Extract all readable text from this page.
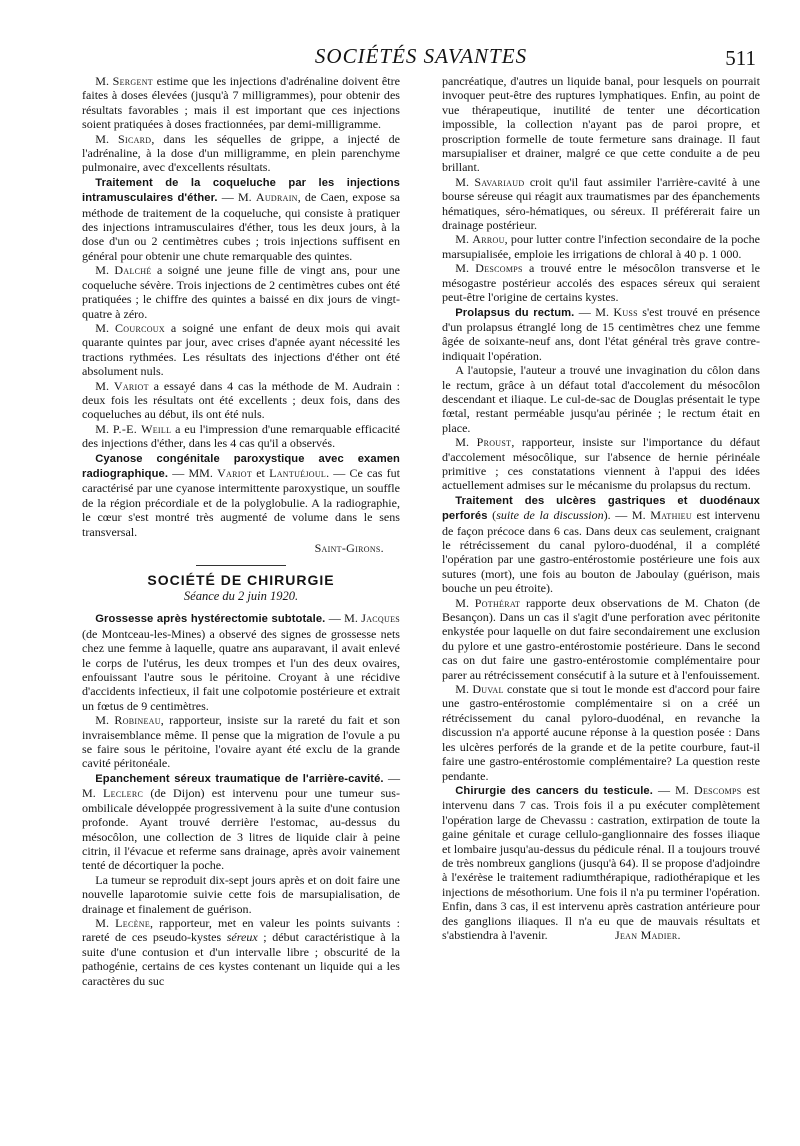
SOCIÉTÉS SAVANTES	511

M. Sergent estime que les injections d'adrénaline doivent être faites à doses élevées (jusqu'à 7 milligrammes), pour obtenir des résultats favorables ; mais il est important que ces injections soient pratiquées à doses fractionnées, par demi-milligramme.

M. Sicard, dans les séquelles de grippe, a injecté de l'adrénaline, à la dose d'un milligramme, en plein parenchyme pulmonaire, avec d'excellents résultats.

Traitement de la coqueluche par les injections intramusculaires d'éther. — M. Audrain, de Caen, expose sa méthode de traitement de la coqueluche, qui consiste à pratiquer des injections intramusculaires d'éther, tous les deux jours, à la dose d'un ou 2 centimètres cubes ; trois injections suffisent en général pour obtenir une chute remarquable des quintes.

M. Dalché a soigné une jeune fille de vingt ans, pour une coqueluche sévère. Trois injections de 2 centimètres cubes ont été pratiquées ; le chiffre des quintes a baissé en dix jours de vingt-quatre à zéro.

M. Courcoux a soigné une enfant de deux mois qui avait quarante quintes par jour, avec crises d'apnée ayant nécessité les tractions rythmées. Les résultats des injections d'éther ont été absolument nuls.

M. Variot a essayé dans 4 cas la méthode de M. Audrain : deux fois les résultats ont été excellents ; deux fois, dans des coqueluches au début, ils ont été nuls.

M. P.-E. Weill a eu l'impression d'une remarquable efficacité des injections d'éther, dans les 4 cas qu'il a observés.

Cyanose congénitale paroxystique avec examen radiographique. — MM. Variot et Lantuéjoul. — Ce cas fut caractérisé par une cyanose intermittente paroxystique, un souffle de la région précordiale et de la polyglobulie. A la radiographie, le cœur s'est montré très augmenté de volume dans le sens transversal.

Saint-Girons.

SOCIÉTÉ DE CHIRURGIE
Séance du 2 juin 1920.

Grossesse après hystérectomie subtotale. — M. Jacques (de Montceau-les-Mines) a observé des signes de grossesse nets chez une femme à laquelle, quatre ans auparavant, il avait enlevé le corps de l'utérus, les deux trompes et l'un des deux ovaires, enfouissant l'autre sous le péritoine. Croyant à une récidive d'accidents infectieux, il fait une colpotomie postérieure et extrait un fœtus de 9 centimètres.

M. Robineau, rapporteur, insiste sur la rareté du fait et son invraisemblance même. Il pense que la migration de l'ovule a pu se faire sous le péritoine, l'ovaire ayant été exclu de la grande cavité péritonéale.

Epanchement séreux traumatique de l'arrière-cavité. — M. Leclerc (de Dijon) est intervenu pour une tumeur sus-ombilicale développée progressivement à la suite d'une contusion profonde. Ayant trouvé derrière l'estomac, au-dessus du mésocôlon, une collection de 3 litres de liquide clair à peine citrin, il l'évacue et referme sans drainage, après avoir vainement tenté de décortiquer la poche.

La tumeur se reproduit dix-sept jours après et on doit faire une nouvelle laparotomie suivie cette fois de marsupialisation, de drainage et finalement de guérison.

M. Lecène, rapporteur, met en valeur les points suivants : rareté de ces pseudo-kystes séreux ; début caractéristique à la suite d'une contusion et d'un intervalle libre ; obscurité de la pathogénie, certains de ces kystes contenant un liquide qui a les caractères du suc

pancréatique, d'autres un liquide banal, pour lesquels on pourrait invoquer peut-être des ruptures lymphatiques. Enfin, au point de vue thérapeutique, inutilité de tenter une décortication impossible, la collection n'ayant pas de paroi propre, et proscription formelle de toute fermeture sans drainage. Il faut marsupialiser et drainer, malgré ce que cette conduite a de peu brillant.

M. Savariaud croit qu'il faut assimiler l'arrière-cavité à une bourse séreuse qui réagit aux traumatismes par des épanchements hématiques, séro-hématiques, ou séreux. Il préférerait faire un drainage postérieur.

M. Arrou, pour lutter contre l'infection secondaire de la poche marsupialisée, emploie les irrigations de chloral à 40 p. 1 000.

M. Descomps a trouvé entre le mésocôlon transverse et le mésogastre postérieur accolés des espaces séreux qui seraient peut-être l'origine de certains kystes.

Prolapsus du rectum. — M. Kuss s'est trouvé en présence d'un prolapsus étranglé long de 15 centimètres chez une femme âgée de soixante-neuf ans, dont l'état général très grave contre-indiquait l'opération.

A l'autopsie, l'auteur a trouvé une invagination du côlon dans le rectum, grâce à un défaut total d'accolement du mésocôlon descendant et iliaque. Le cul-de-sac de Douglas présentait le type fœtal, restant perméable jusqu'au périnée ; le rectum était en place.

M. Proust, rapporteur, insiste sur l'importance du défaut d'accolement mésocôlique, sur l'absence de hernie périnéale primitive ; ces constatations viennent à l'appui des idées actuellement admises sur le mécanisme du prolapsus du rectum.

Traitement des ulcères gastriques et duodénaux perforés (suite de la discussion). — M. Mathieu est intervenu de façon précoce dans 6 cas. Dans deux cas seulement, craignant le rétrécissement du canal pyloro-duodénal, il a complété l'opération par une gastro-entérostomie postérieure une fois aux sutures (mort), une fois au bouton de Jaboulay (guérison, mais bouche un peu étroite).

M. Pothérat rapporte deux observations de M. Chaton (de Besançon). Dans un cas il s'agit d'une perforation avec péritonite enkystée pour laquelle on dut faire secondairement une exclusion du pylore et une gastro-entérostomie postérieure. Dans le second cas on dut faire une gastro-entérostomie complémentaire pour parer au rétrécissement consécutif à la suture et à l'enfouissement.

M. Duval constate que si tout le monde est d'accord pour faire une gastro-entérostomie complémentaire si on a créé un rétrécissement du canal pyloro-duodénal, en revanche la discussion n'a apporté aucune réponse à la question posée : Dans les ulcères perforés de la grande et de la petite courbure, faut-il faire une gastro-entérostomie complémentaire? La question reste pendante.

Chirurgie des cancers du testicule. — M. Descomps est intervenu dans 7 cas. Trois fois il a pu exécuter complètement l'opération large de Chevassu : castration, extirpation de toute la gaine génitale et curage cellulo-ganglionnaire des fosses iliaque et lombaire jusqu'au-dessus du pédicule rénal. Il a toujours trouvé de très nombreux ganglions (jusqu'à 64). Il se propose d'adjoindre à l'exérèse le traitement radiumthérapique, radiothérapique et les injections de mésothorium. Une fois il n'a pu terminer l'opération. Enfin, dans 3 cas, il est intervenu après castration antérieure pour des ganglions iliaques. Il n'a eu que de mauvais résultats et s'abstiendra à l'avenir.	Jean Madier.
